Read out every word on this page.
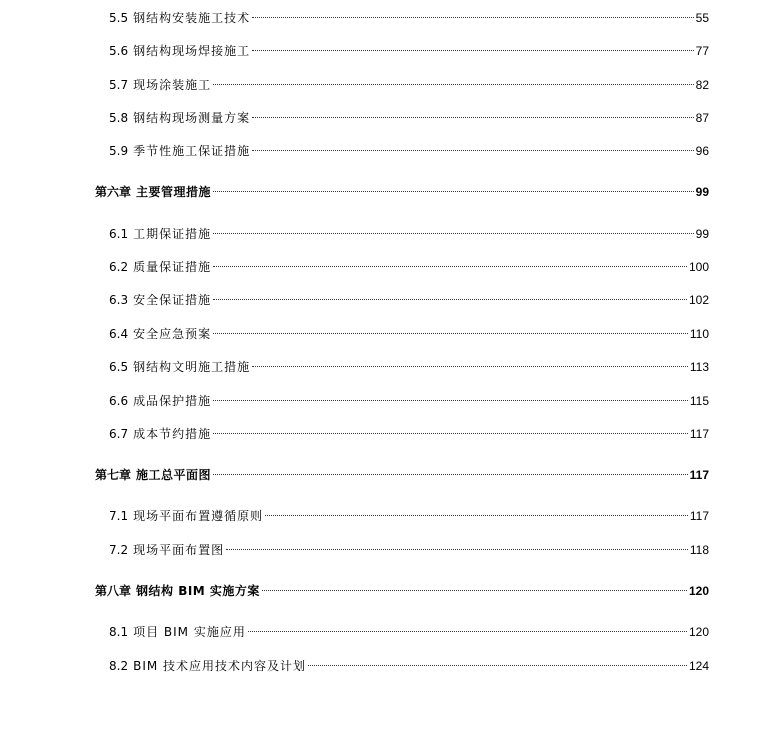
5.5 钢结构安装施工技术	55
5.6 钢结构现场焊接施工	77
5.7 现场涂装施工	82
5.8 钢结构现场测量方案	87
5.9 季节性施工保证措施	96
第六章 主要管理措施	99
6.1 工期保证措施	99
6.2 质量保证措施	100
6.3 安全保证措施	102
6.4 安全应急预案	110
6.5 钢结构文明施工措施	113
6.6 成品保护措施	115
6.7 成本节约措施	117
第七章 施工总平面图	117
7.1 现场平面布置遵循原则	117
7.2 现场平面布置图	118
第八章 钢结构 BIM 实施方案	120
8.1 项目 BIM 实施应用	120
8.2 BIM 技术应用技术内容及计划	124
